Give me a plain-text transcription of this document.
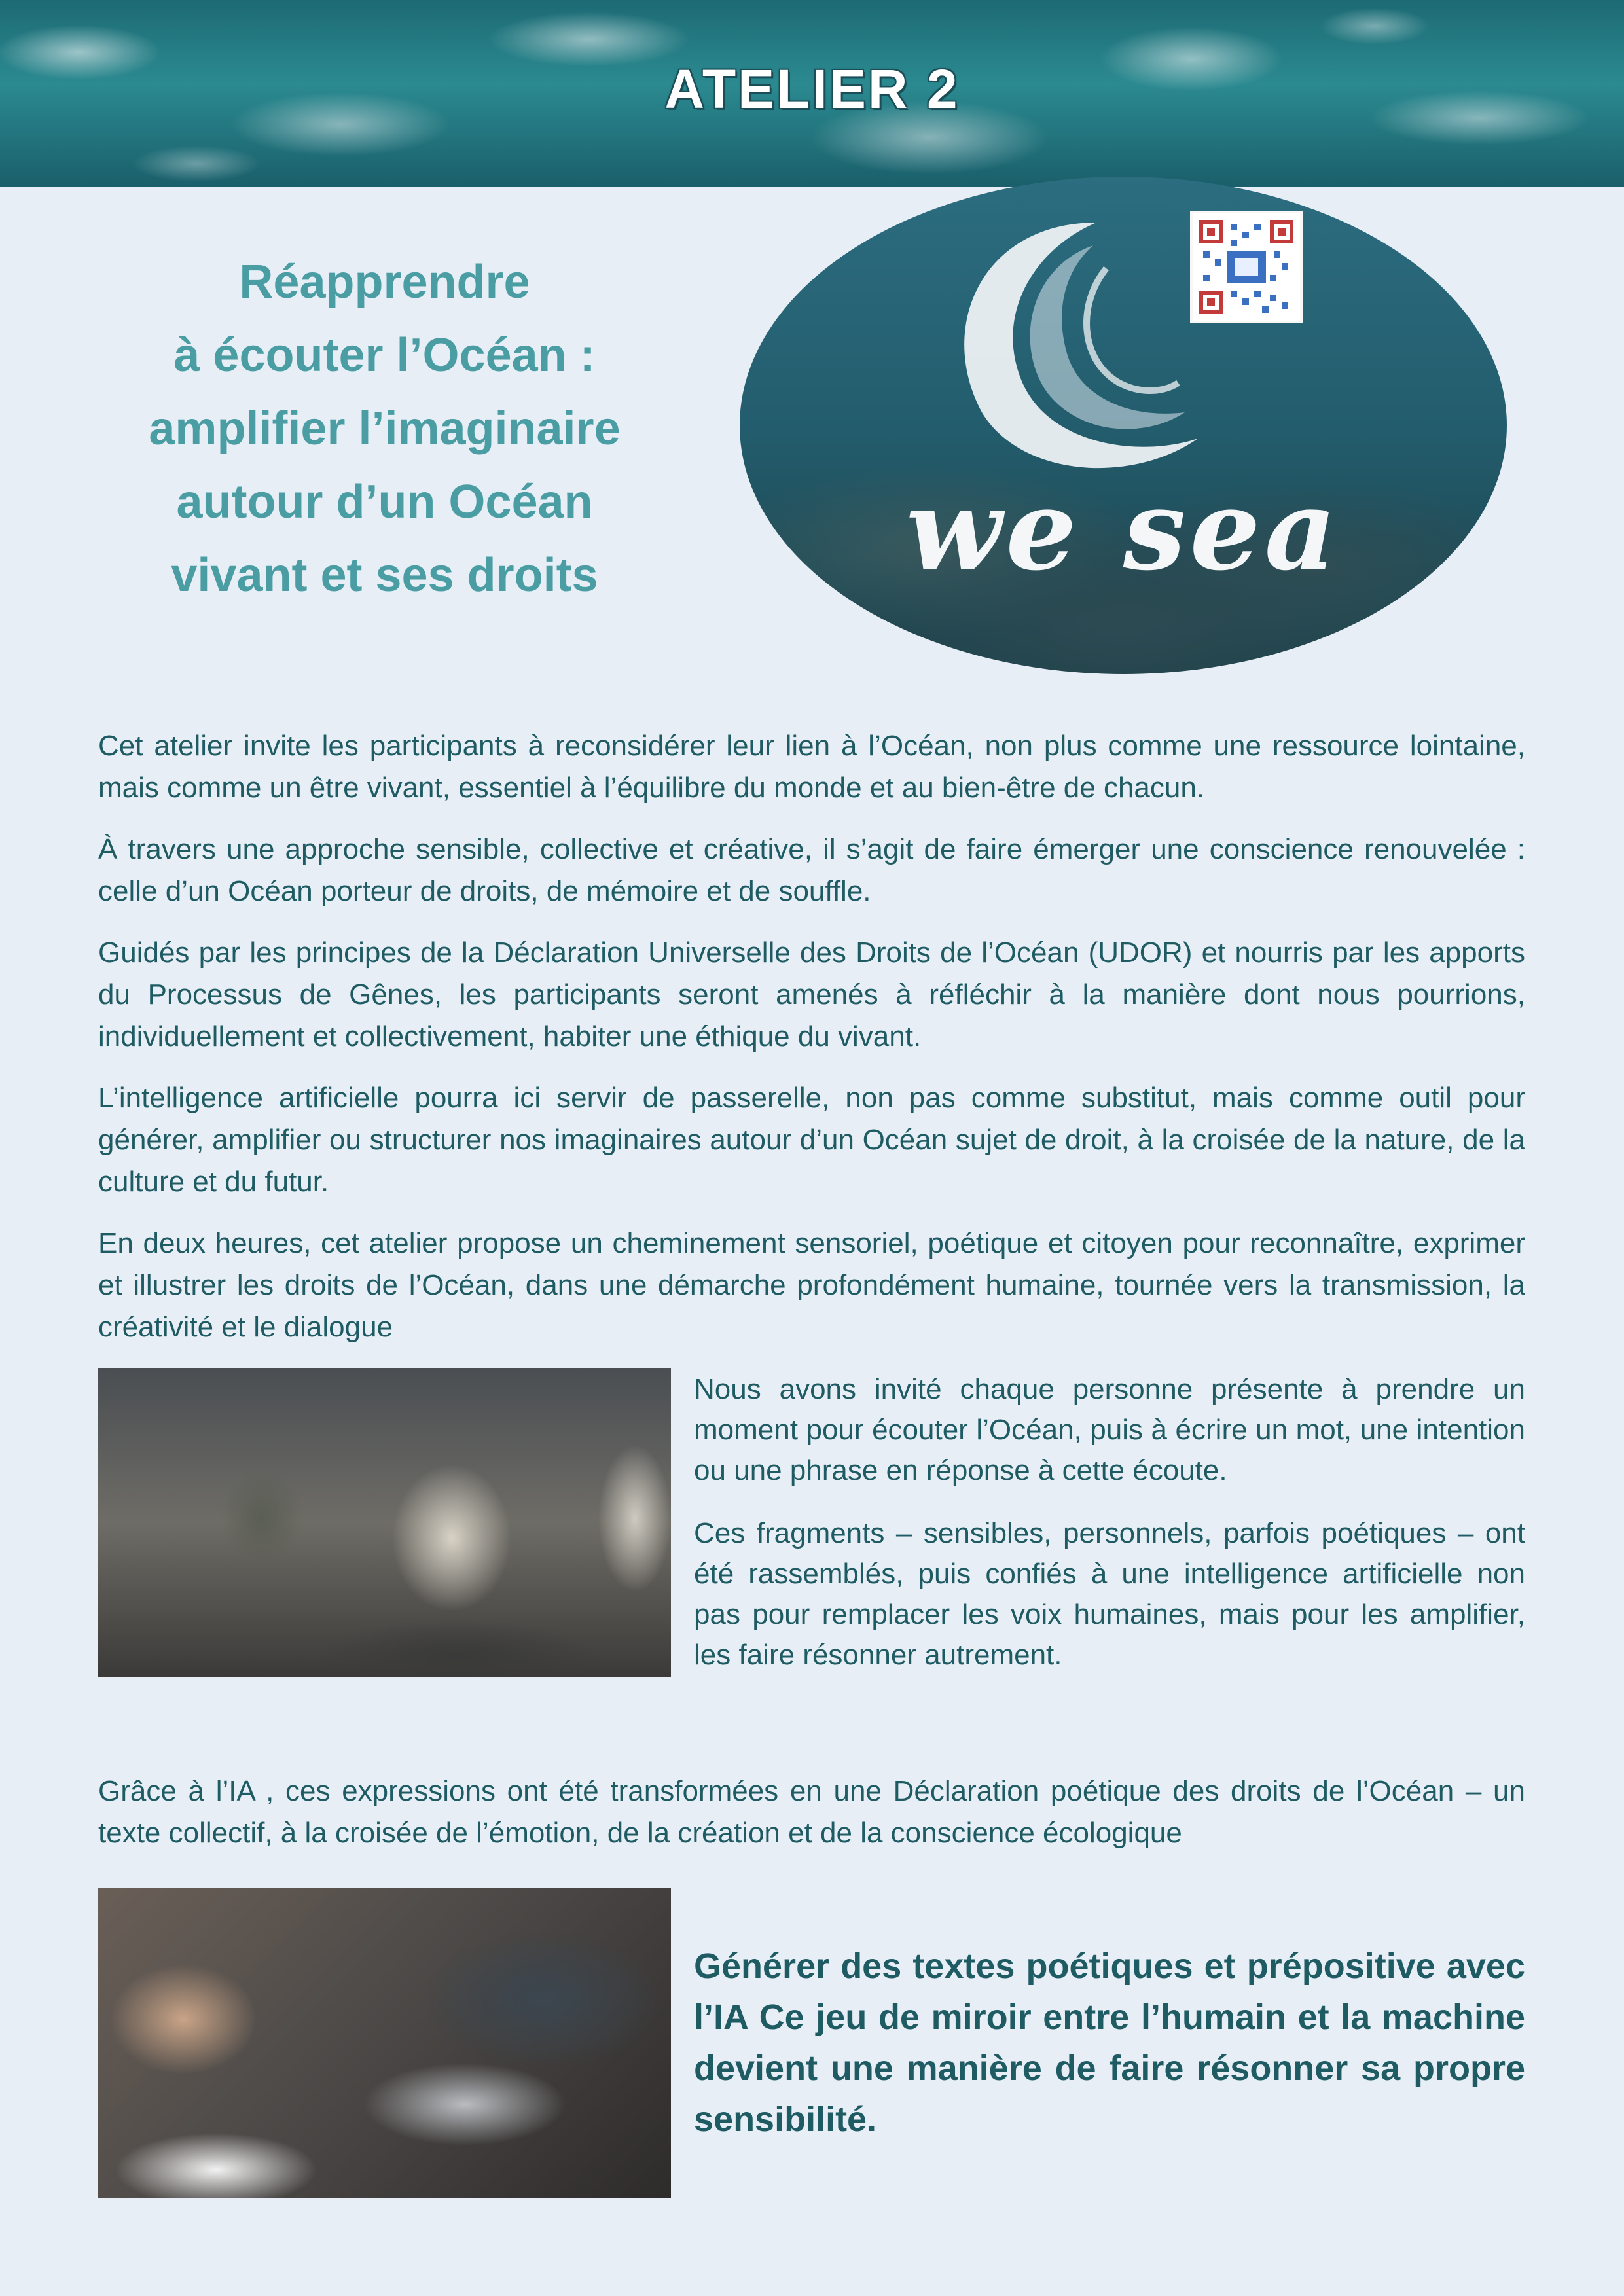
ATELIER 2
Réapprendre
à écouter l’Océan :
amplifier l’imaginaire
autour d’un Océan
vivant et ses droits	we sea

Cet atelier invite les participants à reconsidérer leur lien à l’Océan, non plus comme une ressource lointaine, mais comme un être vivant, essentiel à l’équilibre du monde et au bien-être de chacun.

À travers une approche sensible, collective et créative, il s’agit de faire émerger une conscience renouvelée : celle d’un Océan porteur de droits, de mémoire et de souffle.

Guidés par les principes de la Déclaration Universelle des Droits de l’Océan (UDOR) et nourris par les apports du Processus de Gênes, les participants seront amenés à réfléchir à la manière dont nous pourrions, individuellement et collectivement, habiter une éthique du vivant.

L’intelligence artificielle pourra ici servir de passerelle, non pas comme substitut, mais comme outil pour générer, amplifier ou structurer nos imaginaires autour d’un Océan sujet de droit, à la croisée de la nature, de la culture et du futur.

En deux heures, cet atelier propose un cheminement sensoriel, poétique et citoyen pour reconnaître, exprimer et illustrer les droits de l’Océan, dans une démarche profondément humaine, tournée vers la transmission, la créativité et le dialogue

Nous avons invité chaque personne présente à prendre un moment pour écouter l’Océan, puis à écrire un mot, une intention ou une phrase en réponse à cette écoute.

Ces fragments – sensibles, personnels, parfois poétiques – ont été rassemblés, puis confiés à une intelligence artificielle non pas pour remplacer les voix humaines, mais pour les amplifier, les faire résonner autrement.

Grâce à l’IA , ces expressions ont été transformées en une Déclaration poétique des droits de l’Océan – un texte collectif, à la croisée de l’émotion, de la création et de la conscience écologique

Générer des textes poétiques et prépositive avec l’IA Ce jeu de miroir entre l’humain et la machine devient une manière de faire résonner sa propre sensibilité.
